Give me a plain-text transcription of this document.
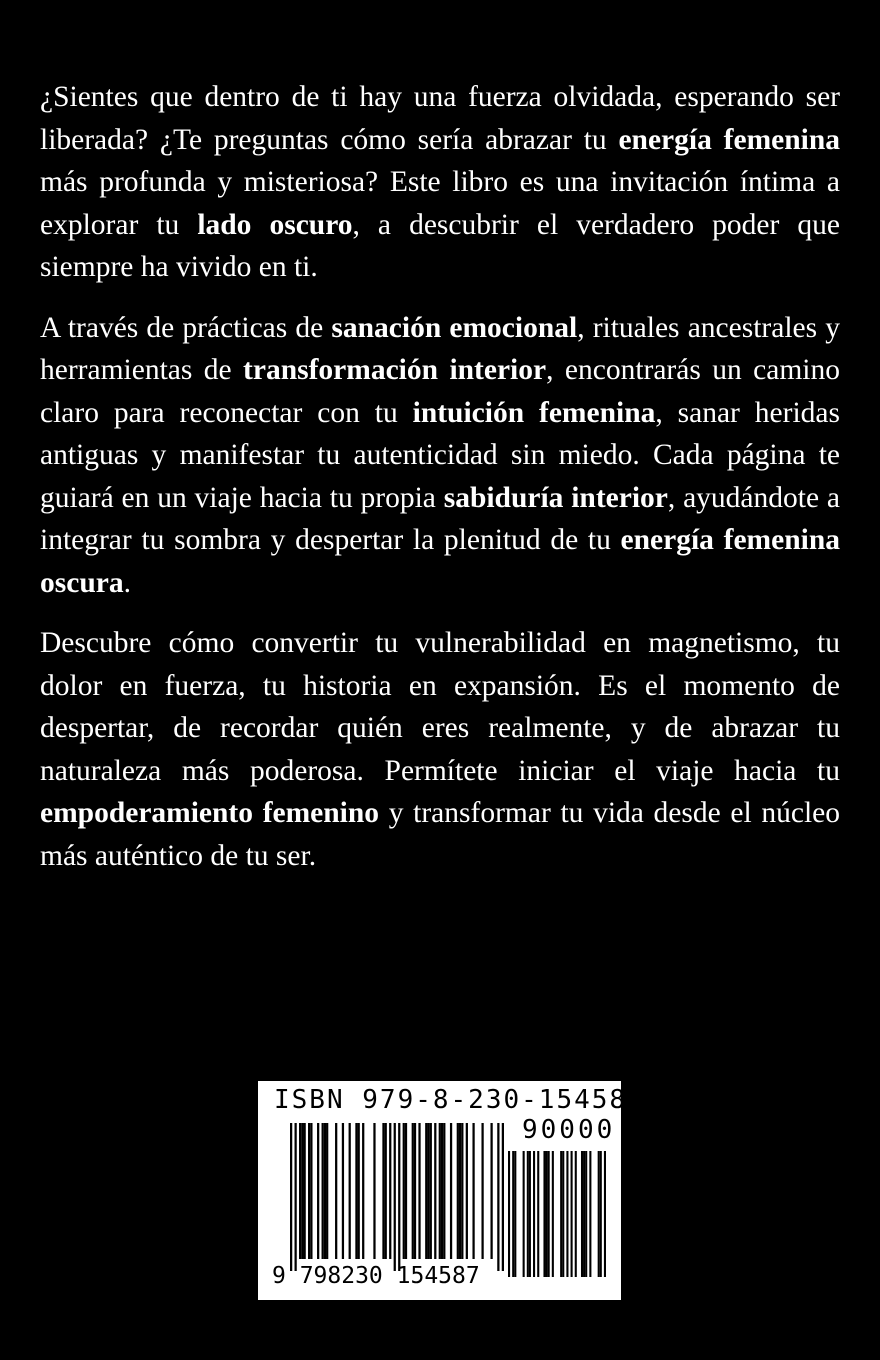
¿Sientes que dentro de ti hay una fuerza olvidada, esperando ser liberada? ¿Te preguntas cómo sería abrazar tu energía femenina más profunda y misteriosa? Este libro es una invitación íntima a explorar tu lado oscuro, a descubrir el verdadero poder que siempre ha vivido en ti.

A través de prácticas de sanación emocional, rituales ancestrales y herramientas de transformación interior, encontrarás un camino claro para reconectar con tu intuición femenina, sanar heridas antiguas y manifestar tu autenticidad sin miedo. Cada página te guiará en un viaje hacia tu propia sabiduría interior, ayudándote a integrar tu sombra y despertar la plenitud de tu energía femenina oscura.

Descubre cómo convertir tu vulnerabilidad en magnetismo, tu dolor en fuerza, tu historia en expansión. Es el momento de despertar, de recordar quién eres realmente, y de abrazar tu naturaleza más poderosa. Permítete iniciar el viaje hacia tu empoderamiento femenino y transformar tu vida desde el núcleo más auténtico de tu ser.

ISBN 979-8-230-15458-7
90000
9 798230 154587
